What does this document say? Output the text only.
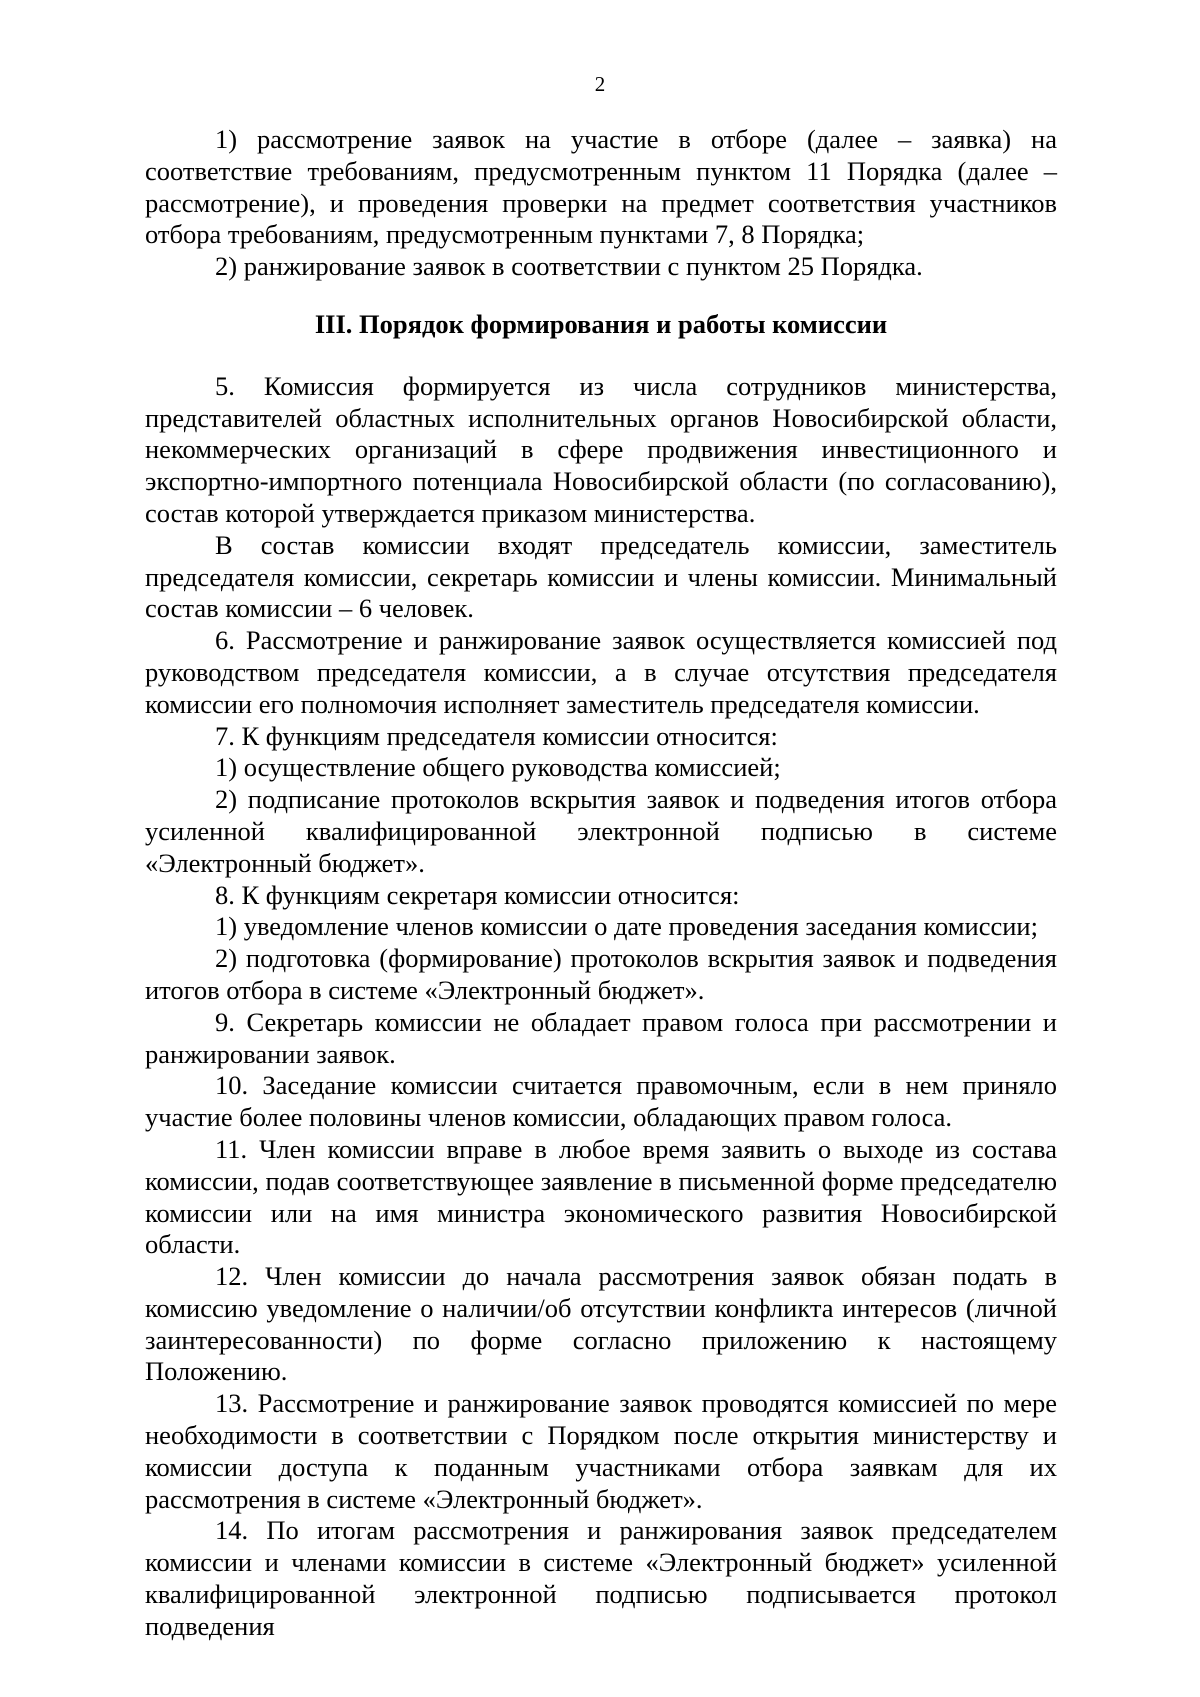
2

1) рассмотрение заявок на участие в отборе (далее – заявка) на соответствие требованиям, предусмотренным пунктом 11 Порядка (далее – рассмотрение), и проведения проверки на предмет соответствия участников отбора требованиям, предусмотренным пунктами 7, 8 Порядка;

2) ранжирование заявок в соответствии с пунктом 25 Порядка.

III. Порядок формирования и работы комиссии

5. Комиссия формируется из числа сотрудников министерства, представителей областных исполнительных органов Новосибирской области, некоммерческих организаций в сфере продвижения инвестиционного и экспортно-импортного потенциала Новосибирской области (по согласованию), состав которой утверждается приказом министерства.

В состав комиссии входят председатель комиссии, заместитель председателя комиссии, секретарь комиссии и члены комиссии. Минимальный состав комиссии – 6 человек.

6. Рассмотрение и ранжирование заявок осуществляется комиссией под руководством председателя комиссии, а в случае отсутствия председателя комиссии его полномочия исполняет заместитель председателя комиссии.

7. К функциям председателя комиссии относится:

1) осуществление общего руководства комиссией;

2) подписание протоколов вскрытия заявок и подведения итогов отбора усиленной квалифицированной электронной подписью в системе «Электронный бюджет».

8. К функциям секретаря комиссии относится:

1) уведомление членов комиссии о дате проведения заседания комиссии;

2) подготовка (формирование) протоколов вскрытия заявок и подведения итогов отбора в системе «Электронный бюджет».

9. Секретарь комиссии не обладает правом голоса при рассмотрении и ранжировании заявок.

10. Заседание комиссии считается правомочным, если в нем приняло участие более половины членов комиссии, обладающих правом голоса.

11. Член комиссии вправе в любое время заявить о выходе из состава комиссии, подав соответствующее заявление в письменной форме председателю комиссии или на имя министра экономического развития Новосибирской области.

12. Член комиссии до начала рассмотрения заявок обязан подать в комиссию уведомление о наличии/об отсутствии конфликта интересов (личной заинтересованности) по форме согласно приложению к настоящему Положению.

13. Рассмотрение и ранжирование заявок проводятся комиссией по мере необходимости в соответствии с Порядком после открытия министерству и комиссии доступа к поданным участниками отбора заявкам для их рассмотрения в системе «Электронный бюджет».

14. По итогам рассмотрения и ранжирования заявок председателем комиссии и членами комиссии в системе «Электронный бюджет» усиленной квалифицированной электронной подписью подписывается протокол подведения
